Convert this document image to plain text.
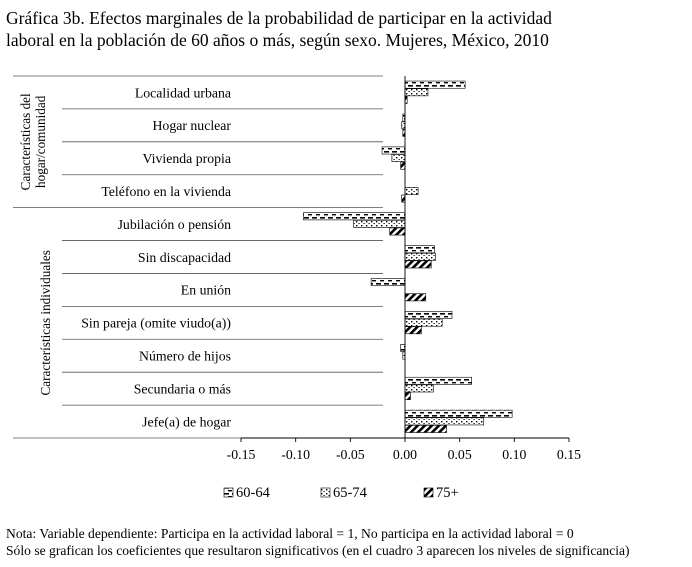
Gráfica 3b. Efectos marginales de la probabilidad de participar en la actividad
laboral en la población de 60 años o más, según sexo. Mujeres, México, 2010
Localidad urbana
Hogar nuclear
Vivienda propia
Teléfono en la vivienda
Jubilación o pensión
Sin discapacidad
En unión
Sin pareja (omite viudo(a))
Número de hijos
Secundaria o más
Jefe(a) de hogar
Características delhogar/comunidad
Características individuales
-0.15 -0.10 -0.05 0.00 0.05 0.10 0.15
60-64	65-74	75+
Nota: Variable dependiente: Participa en la actividad laboral = 1, No participa en la actividad laboral = 0
Sólo se grafican los coeficientes que resultaron significativos (en el cuadro 3 aparecen los niveles de significancia)
